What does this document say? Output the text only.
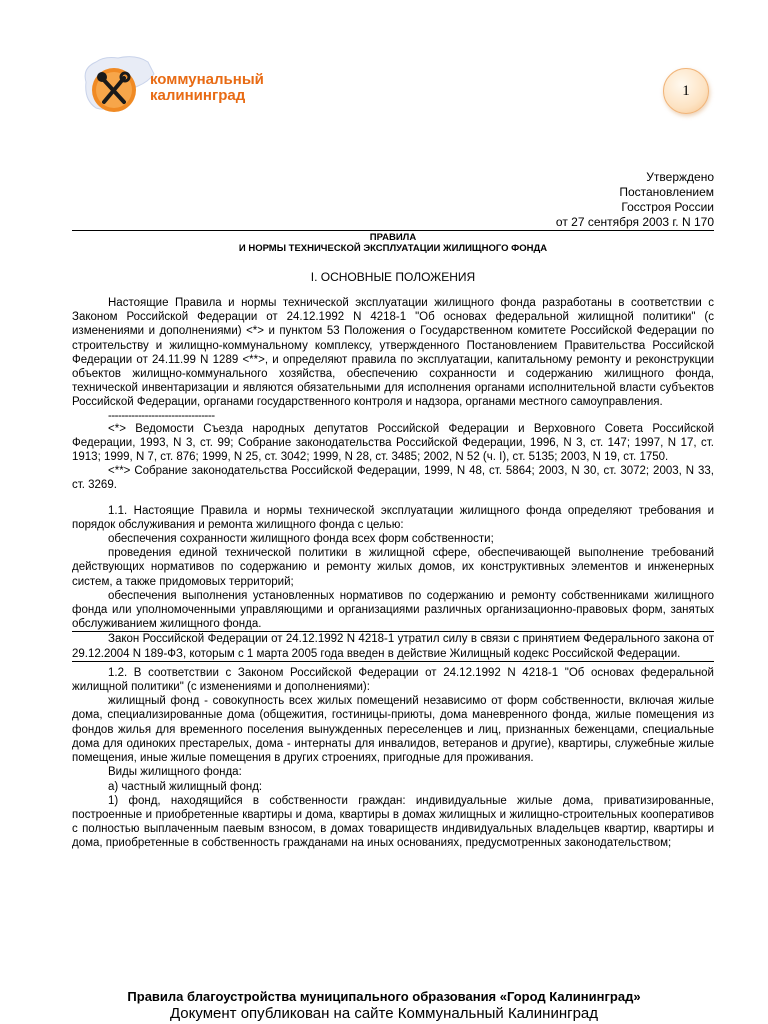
коммунальный
калининград	1
Утверждено
Постановлением
Госстроя России
от 27 сентября 2003 г. N 170
ПРАВИЛА
И НОРМЫ ТЕХНИЧЕСКОЙ ЭКСПЛУАТАЦИИ ЖИЛИЩНОГО ФОНДА
I. ОСНОВНЫЕ ПОЛОЖЕНИЯ

Настоящие Правила и нормы технической эксплуатации жилищного фонда разработаны в соответствии с Законом Российской Федерации от 24.12.1992 N 4218-1 "Об основах федеральной жилищной политики" (с изменениями и дополнениями) <*> и пунктом 53 Положения о Государственном комитете Российской Федерации по строительству и жилищно-коммунальному комплексу, утвержденного Постановлением Правительства Российской Федерации от 24.11.99 N 1289 <**>, и определяют правила по эксплуатации, капитальному ремонту и реконструкции объектов жилищно-коммунального хозяйства, обеспечению сохранности и содержанию жилищного фонда, технической инвентаризации и являются обязательными для исполнения органами исполнительной власти субъектов Российской Федерации, органами государственного контроля и надзора, органами местного самоуправления.

--------------------------------

<*> Ведомости Съезда народных депутатов Российской Федерации и Верховного Совета Российской Федерации, 1993, N 3, ст. 99; Собрание законодательства Российской Федерации, 1996, N 3, ст. 147; 1997, N 17, ст. 1913; 1999, N 7, ст. 876; 1999, N 25, ст. 3042; 1999, N 28, ст. 3485; 2002, N 52 (ч. I), ст. 5135; 2003, N 19, ст. 1750.

<**> Собрание законодательства Российской Федерации, 1999, N 48, ст. 5864; 2003, N 30, ст. 3072; 2003, N 33, ст. 3269.

1.1. Настоящие Правила и нормы технической эксплуатации жилищного фонда определяют требования и порядок обслуживания и ремонта жилищного фонда с целью:

обеспечения сохранности жилищного фонда всех форм собственности;

проведения единой технической политики в жилищной сфере, обеспечивающей выполнение требований действующих нормативов по содержанию и ремонту жилых домов, их конструктивных элементов и инженерных систем, а также придомовых территорий;

обеспечения выполнения установленных нормативов по содержанию и ремонту собственниками жилищного фонда или уполномоченными управляющими и организациями различных организационно-правовых форм, занятых обслуживанием жилищного фонда.

Закон Российской Федерации от 24.12.1992 N 4218-1 утратил силу в связи с принятием Федерального закона от 29.12.2004 N 189-ФЗ, которым с 1 марта 2005 года введен в действие Жилищный кодекс Российской Федерации.

1.2. В соответствии с Законом Российской Федерации от 24.12.1992 N 4218-1 "Об основах федеральной жилищной политики" (с изменениями и дополнениями):

жилищный фонд - совокупность всех жилых помещений независимо от форм собственности, включая жилые дома, специализированные дома (общежития, гостиницы-приюты, дома маневренного фонда, жилые помещения из фондов жилья для временного поселения вынужденных переселенцев и лиц, признанных беженцами, специальные дома для одиноких престарелых, дома - интернаты для инвалидов, ветеранов и другие), квартиры, служебные жилые помещения, иные жилые помещения в других строениях, пригодные для проживания.

Виды жилищного фонда:

а) частный жилищный фонд:

1) фонд, находящийся в собственности граждан: индивидуальные жилые дома, приватизированные, построенные и приобретенные квартиры и дома, квартиры в домах жилищных и жилищно-строительных кооперативов с полностью выплаченным паевым взносом, в домах товариществ индивидуальных владельцев квартир, квартиры и дома, приобретенные в собственность гражданами на иных основаниях, предусмотренных законодательством;

Правила благоустройства муниципального образования «Город Калининград»
Документ опубликован на сайте Коммунальный Калининград
